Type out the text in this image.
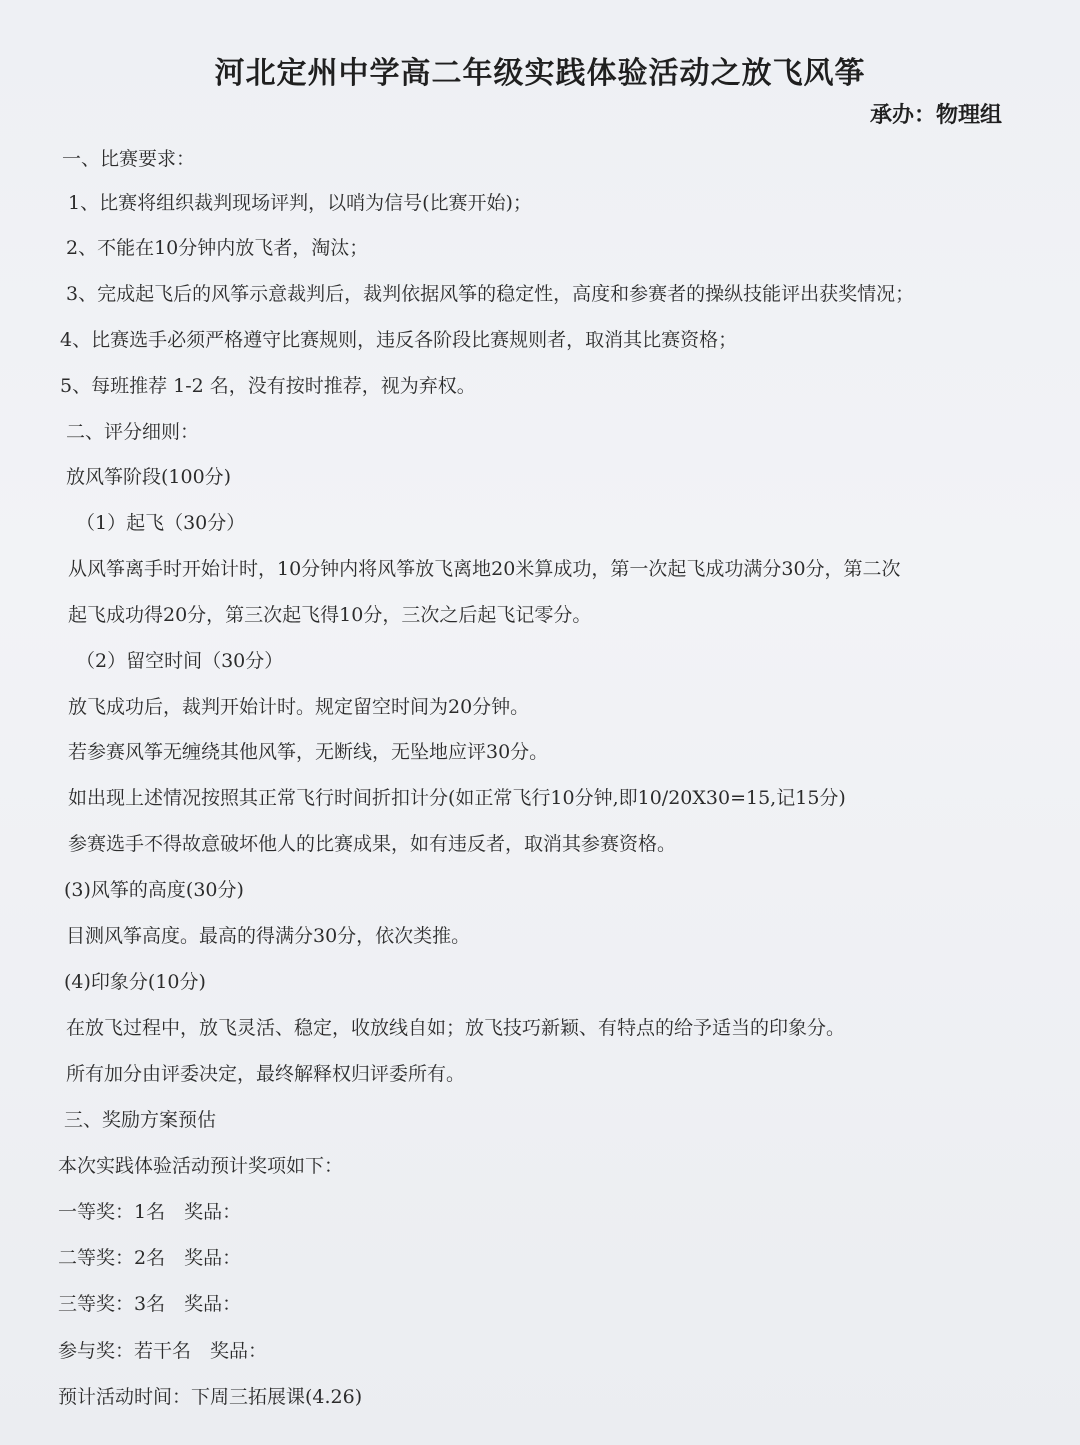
河北定州中学高二年级实践体验活动之放飞风筝
承办：物理组
一、比赛要求：
1、比赛将组织裁判现场评判，以哨为信号(比赛开始)；
2、不能在10分钟内放飞者，淘汰；
3、完成起飞后的风筝示意裁判后，裁判依据风筝的稳定性，高度和参赛者的操纵技能评出获奖情况；
4、比赛选手必须严格遵守比赛规则，违反各阶段比赛规则者，取消其比赛资格；
5、每班推荐 1-2 名，没有按时推荐，视为弃权。
二、评分细则：
放风筝阶段(100分)
（1）起飞（30分）
从风筝离手时开始计时，10分钟内将风筝放飞离地20米算成功，第一次起飞成功满分30分，第二次
起飞成功得20分，第三次起飞得10分，三次之后起飞记零分。
（2）留空时间（30分）
放飞成功后，裁判开始计时。规定留空时间为20分钟。
若参赛风筝无缠绕其他风筝，无断线，无坠地应评30分。
如出现上述情况按照其正常飞行时间折扣计分(如正常飞行10分钟,即10/20X30=15,记15分)
参赛选手不得故意破坏他人的比赛成果，如有违反者，取消其参赛资格。
(3)风筝的高度(30分)
目测风筝高度。最高的得满分30分，依次类推。
(4)印象分(10分)
在放飞过程中，放飞灵活、稳定，收放线自如；放飞技巧新颖、有特点的给予适当的印象分。
所有加分由评委决定，最终解释权归评委所有。
三、奖励方案预估
本次实践体验活动预计奖项如下：
一等奖：1名　奖品：
二等奖：2名　奖品：
三等奖：3名　奖品：
参与奖：若干名　奖品：
预计活动时间：下周三拓展课(4.26)
